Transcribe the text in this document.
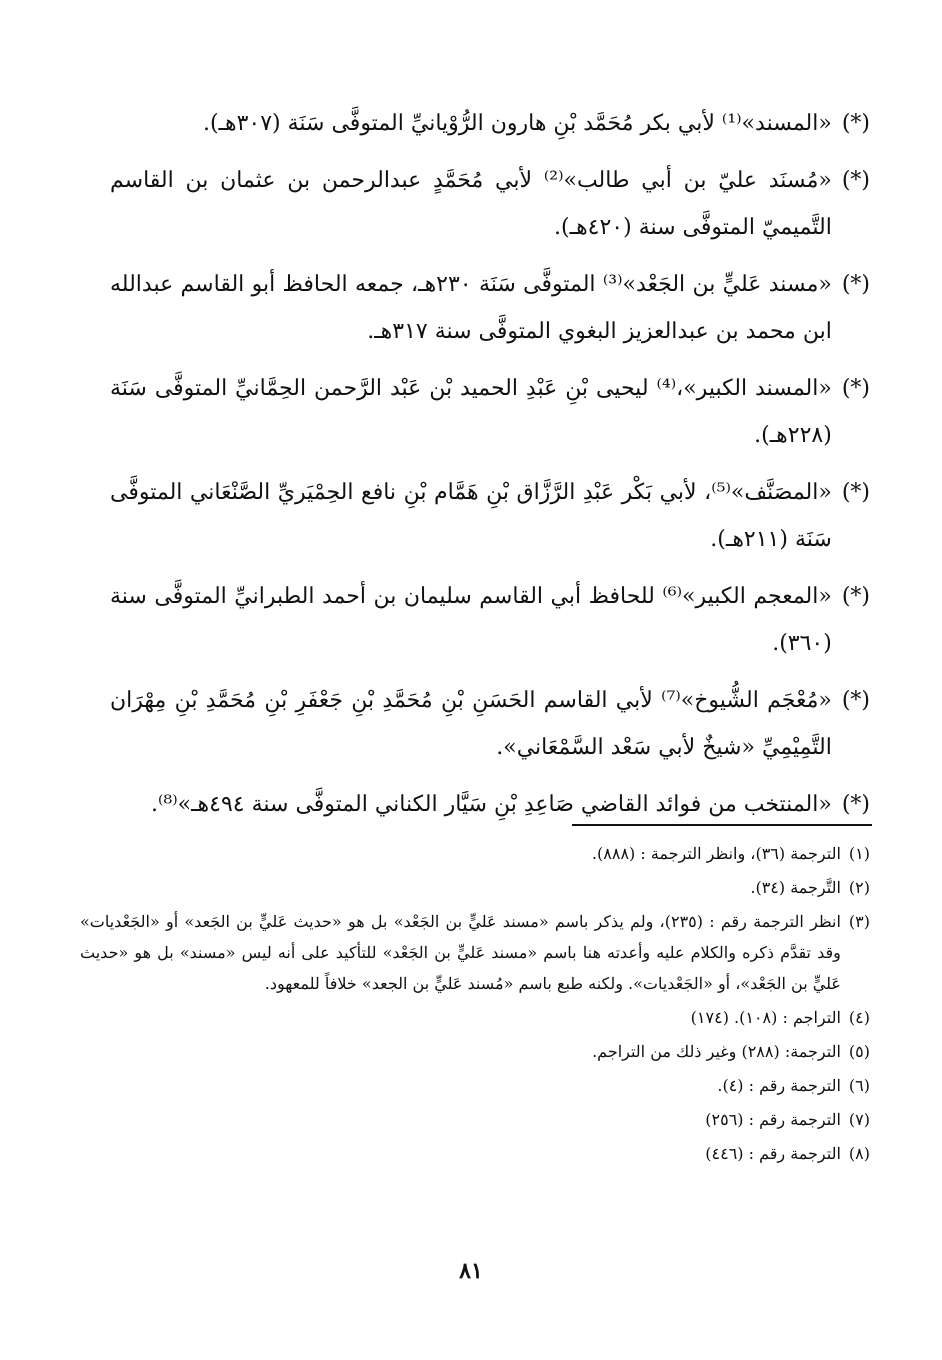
(*)
«المسند»⁽¹⁾ لأبي بكر مُحَمَّد بْنِ هارون الرُّوْيانيِّ المتوفَّى سَنَة (٣٠٧هـ).
(*)
«مُسنَد عليّ بن أبي طالب»⁽²⁾ لأبي مُحَمَّدٍ عبدالرحمن بن عثمان بن القاسم التَّميميّ المتوفَّى سنة (٤٢٠هـ).
(*)
«مسند عَليٍّ بن الجَعْد»⁽³⁾ المتوفَّى سَنَة ٢٣٠هـ، جمعه الحافظ أبو القاسم عبدالله ابن محمد بن عبدالعزيز البغوي المتوفَّى سنة ٣١٧هـ.
(*)
«المسند الكبير»،⁽⁴⁾ ليحيى بْنِ عَبْدِ الحميد بْن عَبْد الرَّحمن الحِمَّانيِّ المتوفَّى سَنَة (٢٢٨هـ).
(*)
«المصَنَّف»⁽⁵⁾، لأبي بَكْر عَبْدِ الرَّزَّاق بْنِ هَمَّام بْنِ نافع الحِمْيَريِّ الصَّنْعَاني المتوفَّى سَنَة (٢١١هـ).
(*)
«المعجم الكبير»⁽⁶⁾ للحافظ أبي القاسم سليمان بن أحمد الطبرانيِّ المتوفَّى سنة (٣٦٠).
(*)
«مُعْجَم الشُّيوخ»⁽⁷⁾ لأبي القاسم الحَسَنِ بْنِ مُحَمَّدِ بْنِ جَعْفَرِ بْنِ مُحَمَّدِ بْنِ مِهْرَان التَّمِيْمِيِّ «شيخٌ لأبي سَعْد السَّمْعَاني».
(*)
«المنتخب من فوائد القاضي صَاعِدِ بْنِ سَيَّار الكناني المتوفَّى سنة ٤٩٤هـ»⁽⁸⁾.
(١)
الترجمة (٣٦)، وانظر الترجمة : (٨٨٨).
(٢)
التَّرجمة (٣٤).
(٣)
انظر الترجمة رقم : (٢٣٥)، ولم يذكر باسم «مسند عَليٍّ بن الجَعْد» بل هو «حديث عَليٍّ بن الجَعد» أو «الجَعْديات» وقد تقدَّم ذكره والكلام عليه وأعدته هنا باسم «مسند عَليٍّ بن الجَعْد» للتأكيد على أنه ليس «مسند» بل هو «حديث عَليٍّ بن الجَعْد»، أو «الجَعْديات». ولكنه طبع باسم «مُسند عَليٍّ بن الجعد» خلافاً للمعهود.
(٤)
التراجم : (١٠٨). (١٧٤)
(٥)
الترجمة: (٢٨٨) وغير ذلك من التراجم.
(٦)
الترجمة رقم : (٤).
(٧)
الترجمة رقم : (٢٥٦)
(٨)
الترجمة رقم : (٤٤٦)
٨١
